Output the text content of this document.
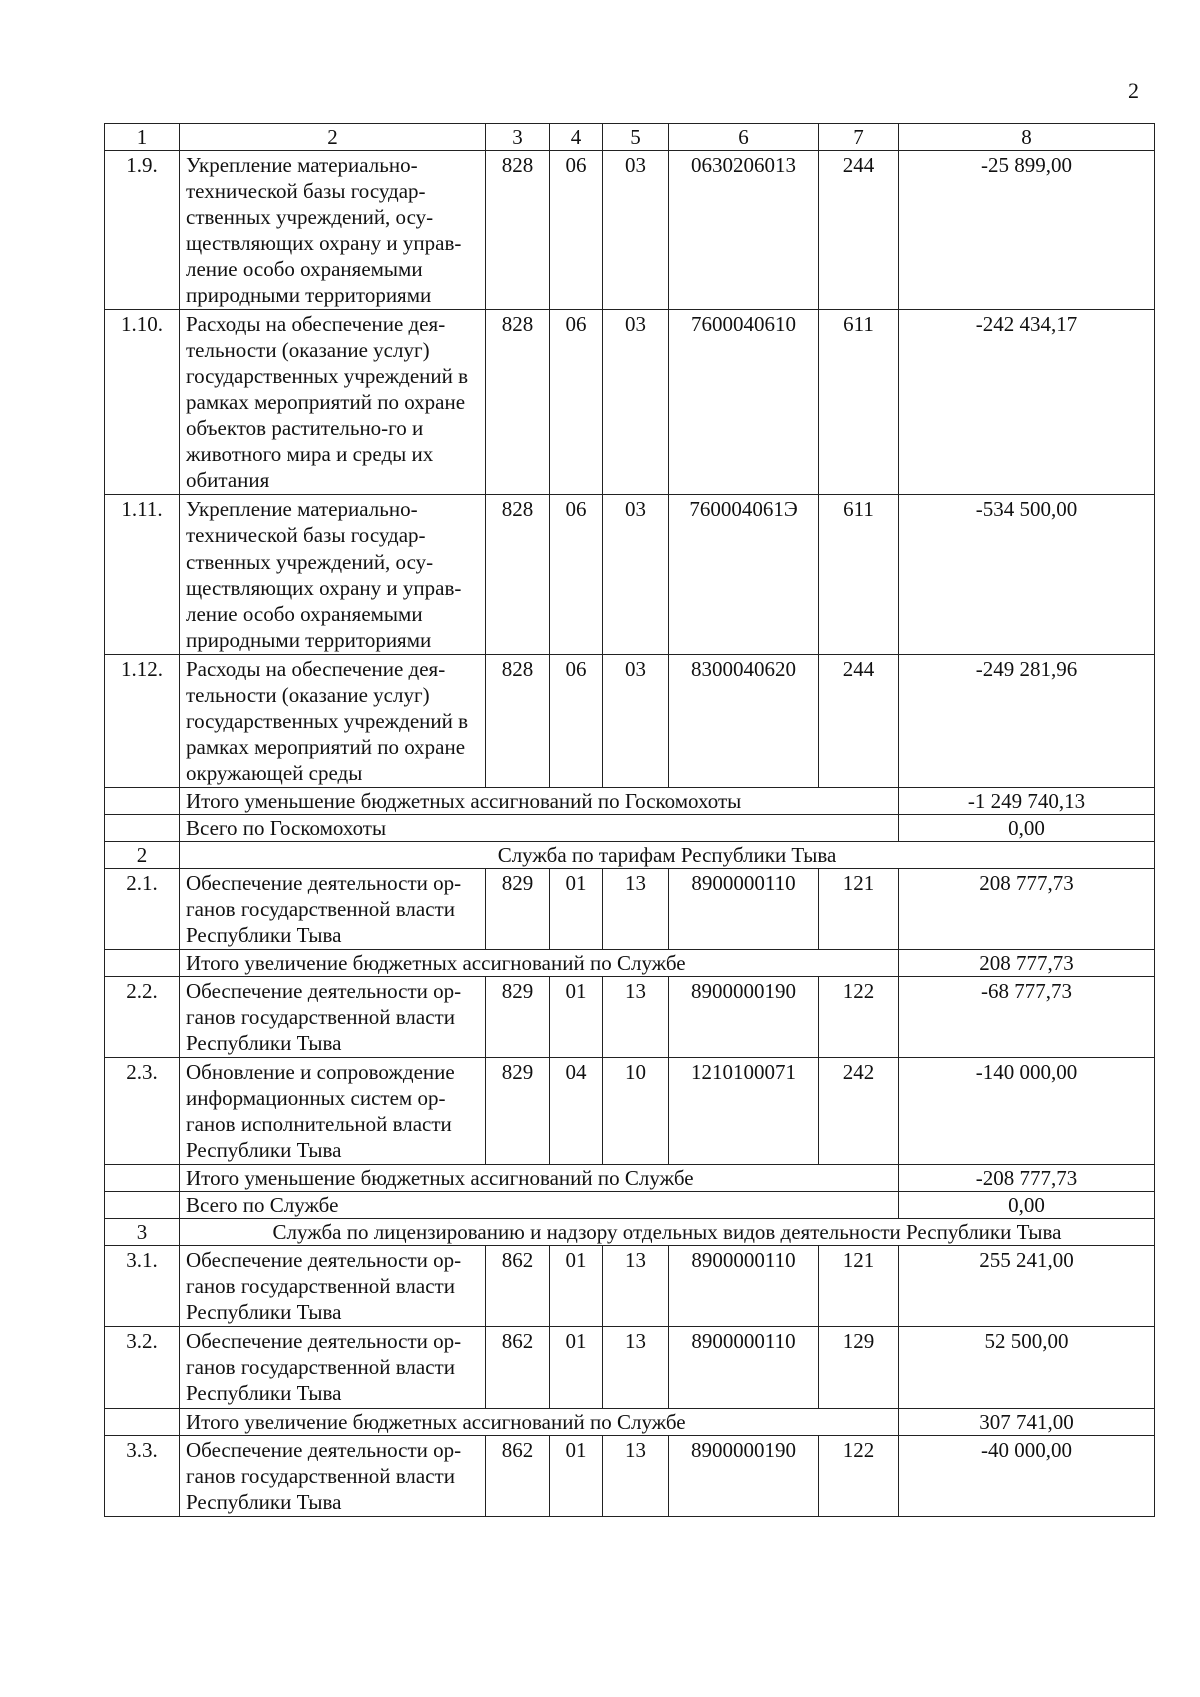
2
1	2	3	4	5	6	7	8
1.9.	Укрепление материально-технической базы государ-ственных учреждений, осу-ществляющих охрану и управ-ление особо охраняемыми природными территориями	828	06	03	0630206013	244	-25 899,00
1.10.	Расходы на обеспечение дея-тельности (оказание услуг) государственных учреждений в рамках мероприятий по охране объектов растительно-го и животного мира и среды их обитания	828	06	03	7600040610	611	-242 434,17
1.11.	Укрепление материально-технической базы государ-ственных учреждений, осу-ществляющих охрану и управ-ление особо охраняемыми природными территориями	828	06	03	760004061Э	611	-534 500,00
1.12.	Расходы на обеспечение дея-тельности (оказание услуг) государственных учреждений в рамках мероприятий по охране окружающей среды	828	06	03	8300040620	244	-249 281,96
	Итого уменьшение бюджетных ассигнований по Госкомохоты						-1 249 740,13
	Всего по Госкомохоты						0,00
2	Служба по тарифам Республики Тыва						
2.1.	Обеспечение деятельности ор-ганов государственной власти Республики Тыва	829	01	13	8900000110	121	208 777,73
	Итого увеличение бюджетных ассигнований по Службе						208 777,73
2.2.	Обеспечение деятельности ор-ганов государственной власти Республики Тыва	829	01	13	8900000190	122	-68 777,73
2.3.	Обновление и сопровождение информационных систем ор-ганов исполнительной власти Республики Тыва	829	04	10	1210100071	242	-140 000,00
	Итого уменьшение бюджетных ассигнований по Службе						-208 777,73
	Всего по Службе						0,00
3	Служба по лицензированию и надзору отдельных видов деятельности Республики Тыва						
3.1.	Обеспечение деятельности ор-ганов государственной власти Республики Тыва	862	01	13	8900000110	121	255 241,00
3.2.	Обеспечение деятельности ор-ганов государственной власти Республики Тыва	862	01	13	8900000110	129	52 500,00
	Итого увеличение бюджетных ассигнований по Службе						307 741,00
3.3.	Обеспечение деятельности ор-ганов государственной власти Республики Тыва	862	01	13	8900000190	122	-40 000,00
